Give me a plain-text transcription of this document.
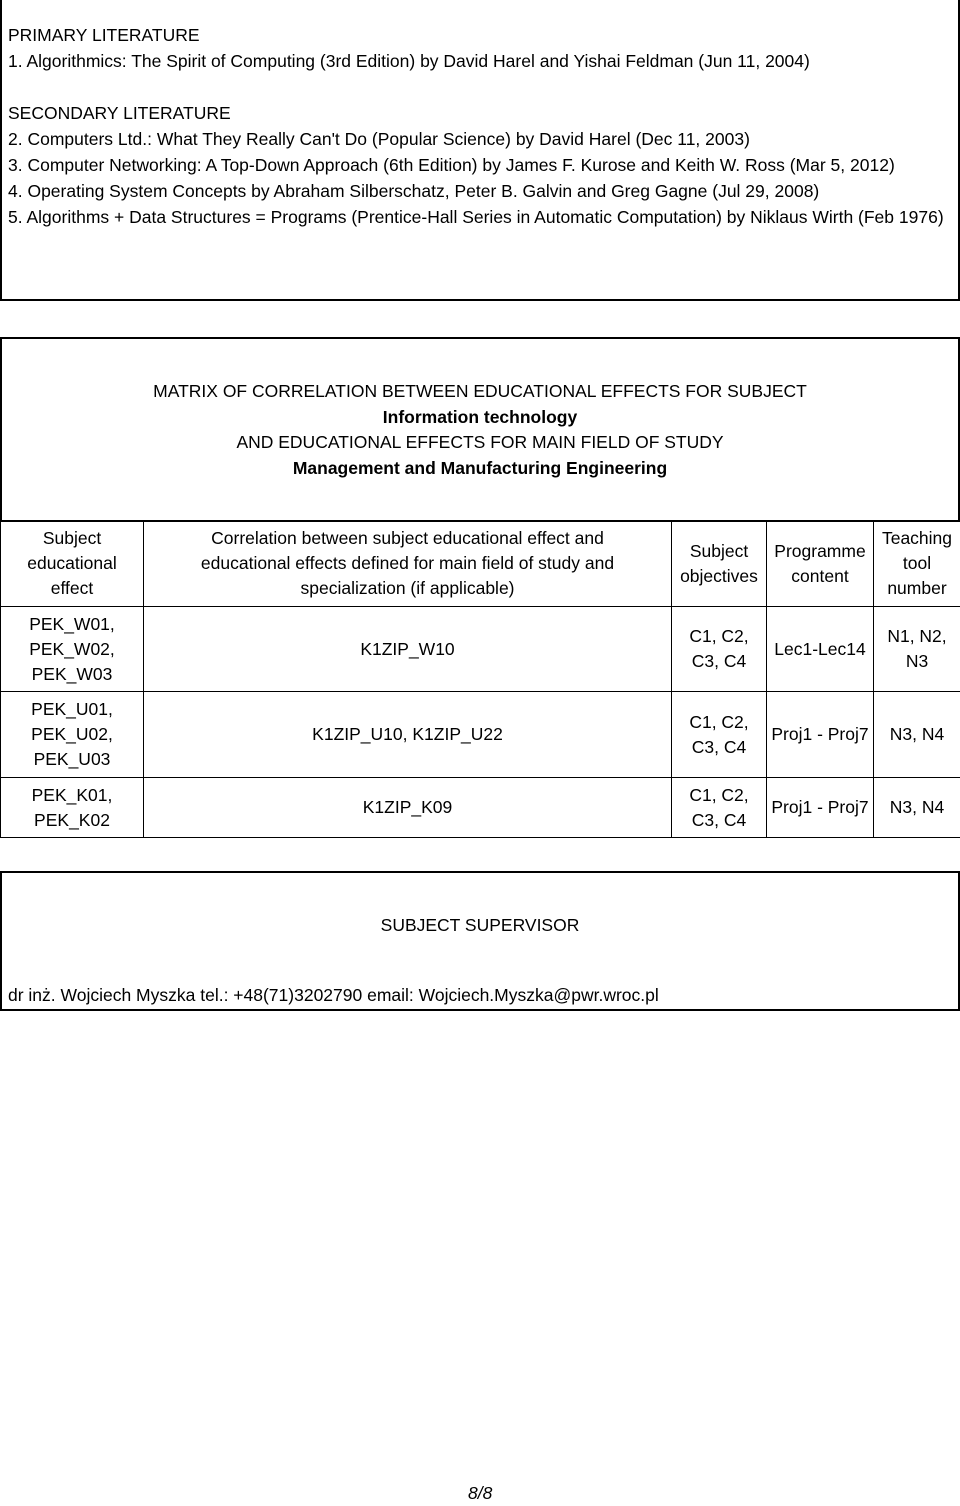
PRIMARY LITERATURE

1. Algorithmics: The Spirit of Computing (3rd Edition) by David Harel and Yishai Feldman (Jun 11, 2004)

SECONDARY LITERATURE

2. Computers Ltd.: What They Really Can't Do (Popular Science) by David Harel (Dec 11, 2003)

3. Computer Networking: A Top-Down Approach (6th Edition) by James F. Kurose and Keith W. Ross (Mar 5, 2012)

4. Operating System Concepts by Abraham Silberschatz, Peter B. Galvin and Greg Gagne (Jul 29, 2008)

5. Algorithms + Data Structures = Programs (Prentice-Hall Series in Automatic Computation) by Niklaus Wirth (Feb 1976)

MATRIX OF CORRELATION BETWEEN EDUCATIONAL EFFECTS FOR SUBJECT
Information technology
AND EDUCATIONAL EFFECTS FOR MAIN FIELD OF STUDY
Management and Manufacturing Engineering
Subject educational effect	Correlation between subject educational effect and educational effects defined for main field of study and specialization (if applicable)	Subject objectives	Programme content	Teaching tool number
PEK_W01, PEK_W02, PEK_W03	K1ZIP_W10	C1, C2, C3, C4	Lec1-Lec14	N1, N2, N3
PEK_U01, PEK_U02, PEK_U03	K1ZIP_U10, K1ZIP_U22	C1, C2, C3, C4	Proj1 - Proj7	N3, N4
PEK_K01, PEK_K02	K1ZIP_K09	C1, C2, C3, C4	Proj1 - Proj7	N3, N4
SUBJECT SUPERVISOR
dr inż. Wojciech Myszka tel.: +48(71)3202790 email: Wojciech.Myszka@pwr.wroc.pl
8/8
